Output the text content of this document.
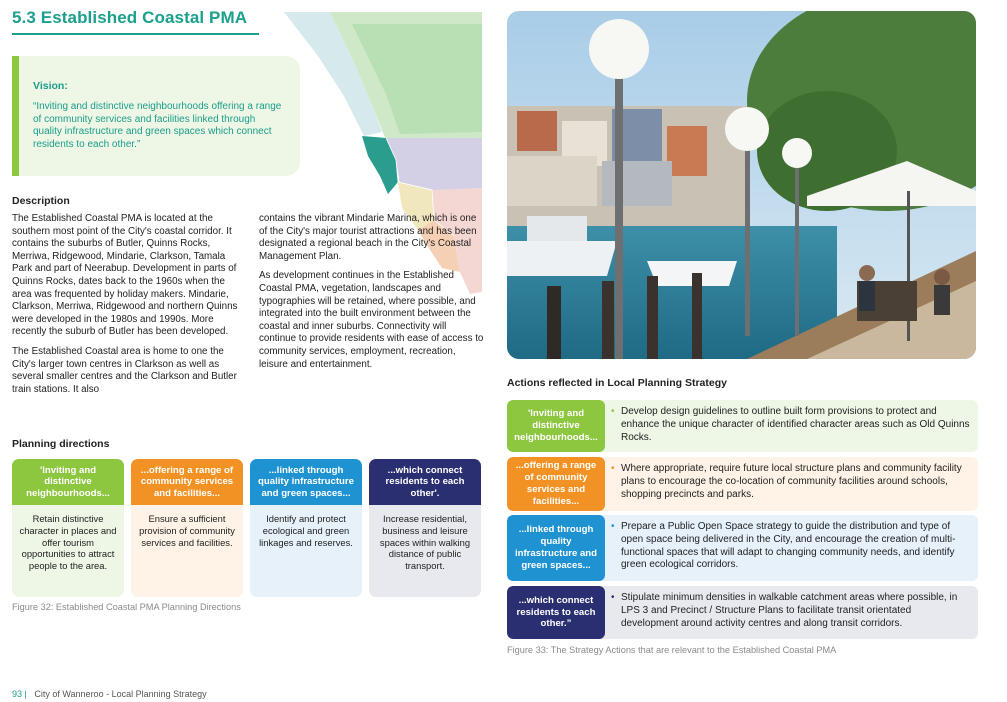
5.3 Established Coastal PMA
Vision:
“Inviting and distinctive neighbourhoods offering a range of community services and facilities linked through quality infrastructure and green spaces which connect residents to each other.”
Description

The Established Coastal PMA is located at the southern most point of the City's coastal corridor. It contains the suburbs of Butler, Quinns Rocks, Merriwa, Ridgewood, Mindarie, Clarkson, Tamala Park and part of Neerabup. Development in parts of Quinns Rocks, dates back to the 1960s when the area was frequented by holiday makers. Mindarie, Clarkson, Merriwa, Ridgewood and northern Quinns were developed in the 1980s and 1990s. More recently the suburb of Butler has been developed.

The Established Coastal area is home to one the City's larger town centres in Clarkson as well as several smaller centres and the Clarkson and Butler train stations. It also

contains the vibrant Mindarie Marina, which is one of the City's major tourist attractions and has been designated a regional beach in the City's Coastal Management Plan.

As development continues in the Established Coastal PMA, vegetation, landscapes and typographies will be retained, where possible, and integrated into the built environment between the coastal and inner suburbs. Connectivity will continue to provide residents with ease of access to community services, employment, recreation, leisure and entertainment.

Planning directions
'Inviting and distinctive neighbourhoods...
Retain distinctive character in places and offer tourism opportunities to attract people to the area.
...offering a range of community services and facilities...
Ensure a sufficient provision of community services and facilities.
...linked through quality infrastructure and green spaces...
Identify and protect ecological and green linkages and reserves.
...which connect residents to each other'.
Increase residential, business and leisure spaces within walking distance of public transport.
Figure 32: Established Coastal PMA Planning Directions
Actions reflected in Local Planning Strategy
'Inviting and distinctive neighbourhoods...
• Develop design guidelines to outline built form provisions to protect and enhance the unique character of identified character areas such as Old Quinns Rocks.
...offering a range of community services and facilities...
• Where appropriate, require future local structure plans and community facility plans to encourage the co-location of community facilities around schools, shopping precincts and parks.
...linked through quality infrastructure and green spaces...
• Prepare a Public Open Space strategy to guide the distribution and type of open space being delivered in the City, and encourage the creation of multi-functional spaces that will adapt to changing community needs, and identify green ecological corridors.
...which connect residents to each other.”
• Stipulate minimum densities in walkable catchment areas where possible, in LPS 3 and Precinct / Structure Plans to facilitate transit orientated development around activity centres and along transit corridors.
Figure 33: The Strategy Actions that are relevant to the Established Coastal PMA
93 | City of Wanneroo - Local Planning Strategy
